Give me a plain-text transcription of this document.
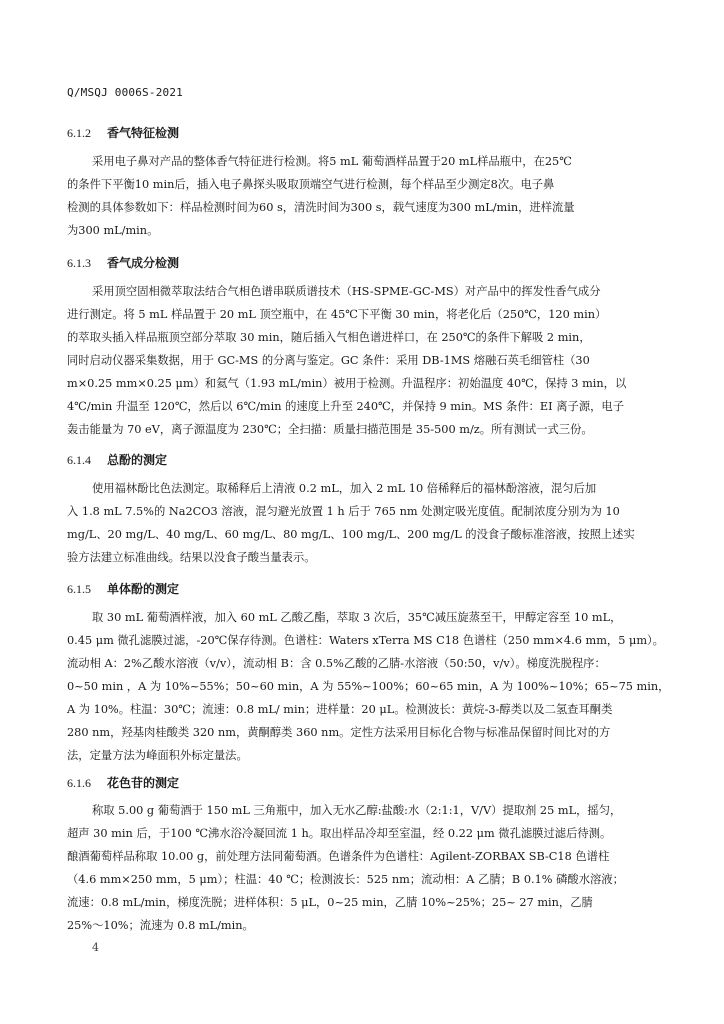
Q/MSQJ 0006S-2021
6.1.2 香气特征检测
采用电子鼻对产品的整体香气特征进行检测。将5 mL 葡萄酒样品置于20 mL样品瓶中，在25℃
的条件下平衡10 min后，插入电子鼻探头吸取顶端空气进行检测，每个样品至少测定8次。电子鼻
检测的具体参数如下：样品检测时间为60 s，清洗时间为300 s，载气速度为300 mL/min，进样流量
为300 mL/min。
6.1.3 香气成分检测
采用顶空固相微萃取法结合气相色谱串联质谱技术（HS-SPME-GC-MS）对产品中的挥发性香气成分
进行测定。将 5 mL 样品置于 20 mL 顶空瓶中，在 45℃下平衡 30 min，将老化后（250℃，120 min）
的萃取头插入样品瓶顶空部分萃取 30 min，随后插入气相色谱进样口，在 250℃的条件下解吸 2 min，
同时启动仪器采集数据，用于 GC-MS 的分离与鉴定。GC 条件：采用 DB-1MS 熔融石英毛细管柱（30
m×0.25 mm×0.25 μm）和氦气（1.93 mL/min）被用于检测。升温程序：初始温度 40℃，保持 3 min，以
4℃/min 升温至 120℃，然后以 6℃/min 的速度上升至 240℃，并保持 9 min。MS 条件：EI 离子源，电子
轰击能量为 70 eV，离子源温度为 230℃；全扫描：质量扫描范围是 35-500 m/z。所有测试一式三份。
6.1.4 总酚的测定
使用福林酚比色法测定。取稀释后上清液 0.2 mL，加入 2 mL 10 倍稀释后的福林酚溶液，混匀后加
入 1.8 mL 7.5%的 Na2CO3 溶液，混匀避光放置 1 h 后于 765 nm 处测定吸光度值。配制浓度分别为为 10
mg/L、20 mg/L、40 mg/L、60 mg/L、80 mg/L、100 mg/L、200 mg/L 的没食子酸标准溶液，按照上述实
验方法建立标准曲线。结果以没食子酸当量表示。
6.1.5 单体酚的测定
取 30 mL 葡萄酒样液，加入 60 mL 乙酸乙酯，萃取 3 次后，35℃减压旋蒸至干，甲醇定容至 10 mL，
0.45 μm 微孔滤膜过滤，-20℃保存待测。色谱柱：Waters xTerra MS C18 色谱柱（250 mm×4.6 mm，5 μm）。
流动相 A：2%乙酸水溶液（v/v），流动相 B：含 0.5%乙酸的乙腈-水溶液（50:50，v/v）。梯度洗脱程序：
0~50 min ，A 为 10%~55%；50~60 min，A 为 55%~100%；60~65 min，A 为 100%~10%；65~75 min，
A 为 10%。柱温：30℃；流速：0.8 mL/ min；进样量：20 μL。检测波长：黄烷-3-醇类以及二氢查耳酮类
280 nm，羟基肉桂酸类 320 nm，黄酮醇类 360 nm。定性方法采用目标化合物与标准品保留时间比对的方
法，定量方法为峰面积外标定量法。
6.1.6 花色苷的测定
称取 5.00 g 葡萄酒于 150 mL 三角瓶中，加入无水乙醇:盐酸:水（2:1:1，V/V）提取剂 25 mL，摇匀，
超声 30 min 后，于100 ℃沸水浴冷凝回流 1 h。取出样品冷却至室温，经 0.22 μm 微孔滤膜过滤后待测。
酿酒葡萄样品称取 10.00 g，前处理方法同葡萄酒。色谱条件为色谱柱：Agilent-ZORBAX SB-C18 色谱柱
（4.6 mm×250 mm，5 μm）；柱温：40 ℃；检测波长：525 nm；流动相：A 乙腈；B 0.1% 磷酸水溶液；
流速：0.8 mL/min，梯度洗脱；进样体积：5 μL，0~25 min，乙腈 10%~25%；25~ 27 min，乙腈
25%～10%；流速为 0.8 mL/min。
4
